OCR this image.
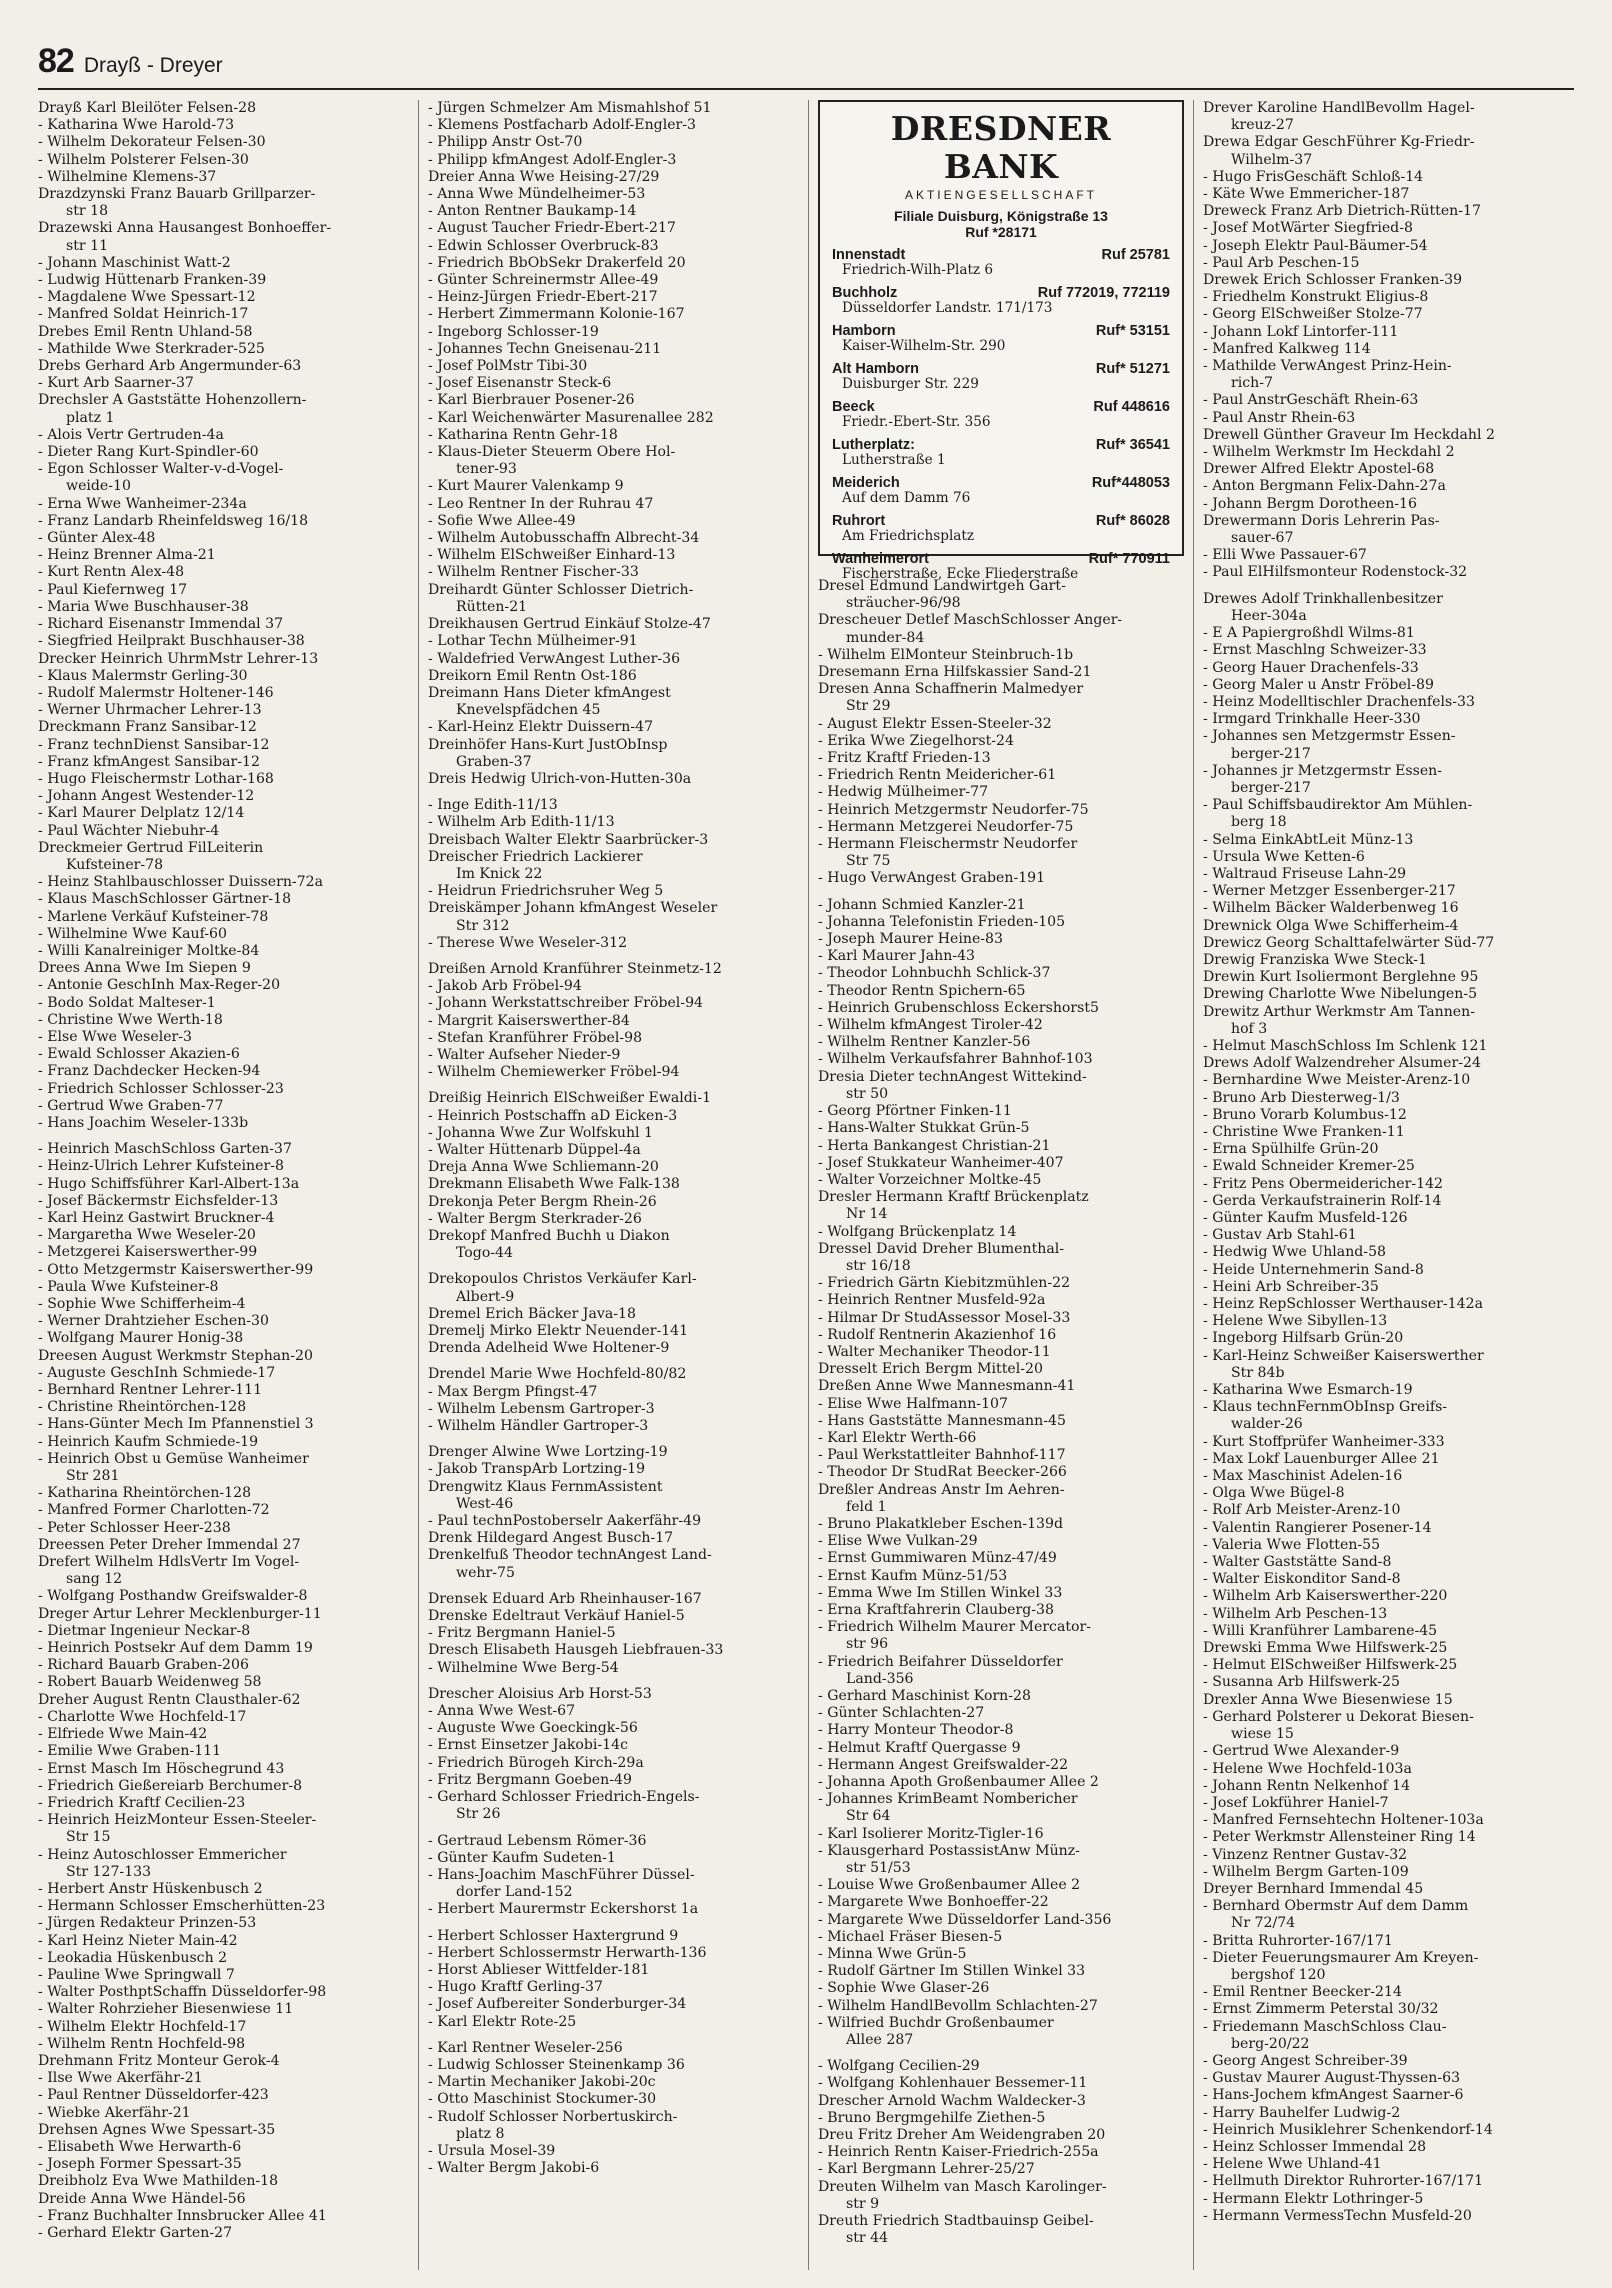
82 Drayß - Dreyer
Drayß Karl Bleilöter Felsen-28
- Katharina Wwe Harold-73
- Wilhelm Dekorateur Felsen-30
- Wilhelm Polsterer Felsen-30
- Wilhelmine Klemens-37
Drazdzynski Franz Bauarb Grillparzer-
str 18
Drazewski Anna Hausangest Bonhoeffer-
str 11
- Johann Maschinist Watt-2
- Ludwig Hüttenarb Franken-39
- Magdalene Wwe Spessart-12
- Manfred Soldat Heinrich-17
Drebes Emil Rentn Uhland-58
- Mathilde Wwe Sterkrader-525
Drebs Gerhard Arb Angermunder-63
- Kurt Arb Saarner-37
Drechsler A Gaststätte Hohenzollern-
platz 1
- Alois Vertr Gertruden-4a
- Dieter Rang Kurt-Spindler-60
- Egon Schlosser Walter-v-d-Vogel-
weide-10
- Erna Wwe Wanheimer-234a
- Franz Landarb Rheinfeldsweg 16/18
- Günter Alex-48
- Heinz Brenner Alma-21
- Kurt Rentn Alex-48
- Paul Kiefernweg 17
- Maria Wwe Buschhauser-38
- Richard Eisenanstr Immendal 37
- Siegfried Heilprakt Buschhauser-38
Drecker Heinrich UhrmMstr Lehrer-13
- Klaus Malermstr Gerling-30
- Rudolf Malermstr Holtener-146
- Werner Uhrmacher Lehrer-13
Dreckmann Franz Sansibar-12
- Franz technDienst Sansibar-12
- Franz kfmAngest Sansibar-12
- Hugo Fleischermstr Lothar-168
- Johann Angest Westender-12
- Karl Maurer Delplatz 12/14
- Paul Wächter Niebuhr-4
Dreckmeier Gertrud FilLeiterin
Kufsteiner-78
- Heinz Stahlbauschlosser Duissern-72a
- Klaus MaschSchlosser Gärtner-18
- Marlene Verkäuf Kufsteiner-78
- Wilhelmine Wwe Kauf-60
- Willi Kanalreiniger Moltke-84
Drees Anna Wwe Im Siepen 9
- Antonie GeschInh Max-Reger-20
- Bodo Soldat Malteser-1
- Christine Wwe Werth-18
- Else Wwe Weseler-3
- Ewald Schlosser Akazien-6
- Franz Dachdecker Hecken-94
- Friedrich Schlosser Schlosser-23
- Gertrud Wwe Graben-77
- Hans Joachim Weseler-133b
- Heinrich MaschSchloss Garten-37
- Heinz-Ulrich Lehrer Kufsteiner-8
- Hugo Schiffsführer Karl-Albert-13a
- Josef Bäckermstr Eichsfelder-13
- Karl Heinz Gastwirt Bruckner-4
- Margaretha Wwe Weseler-20
- Metzgerei Kaiserswerther-99
- Otto Metzgermstr Kaiserswerther-99
- Paula Wwe Kufsteiner-8
- Sophie Wwe Schifferheim-4
- Werner Drahtzieher Eschen-30
- Wolfgang Maurer Honig-38
Dreesen August Werkmstr Stephan-20
- Auguste GeschInh Schmiede-17
- Bernhard Rentner Lehrer-111
- Christine Rheintörchen-128
- Hans-Günter Mech Im Pfannenstiel 3
- Heinrich Kaufm Schmiede-19
- Heinrich Obst u Gemüse Wanheimer
Str 281
- Katharina Rheintörchen-128
- Manfred Former Charlotten-72
- Peter Schlosser Heer-238
Dreessen Peter Dreher Immendal 27
Drefert Wilhelm HdlsVertr Im Vogel-
sang 12
- Wolfgang Posthandw Greifswalder-8
Dreger Artur Lehrer Mecklenburger-11
- Dietmar Ingenieur Neckar-8
- Heinrich Postsekr Auf dem Damm 19
- Richard Bauarb Graben-206
- Robert Bauarb Weidenweg 58
Dreher August Rentn Clausthaler-62
- Charlotte Wwe Hochfeld-17
- Elfriede Wwe Main-42
- Emilie Wwe Graben-111
- Ernst Masch Im Höschegrund 43
- Friedrich Gießereiarb Berchumer-8
- Friedrich Kraftf Cecilien-23
- Heinrich HeizMonteur Essen-Steeler-
Str 15
- Heinz Autoschlosser Emmericher
Str 127-133
- Herbert Anstr Hüskenbusch 2
- Hermann Schlosser Emscherhütten-23
- Jürgen Redakteur Prinzen-53
- Karl Heinz Nieter Main-42
- Leokadia Hüskenbusch 2
- Pauline Wwe Springwall 7
- Walter PosthptSchaffn Düsseldorfer-98
- Walter Rohrzieher Biesenwiese 11
- Wilhelm Elektr Hochfeld-17
- Wilhelm Rentn Hochfeld-98
Drehmann Fritz Monteur Gerok-4
- Ilse Wwe Akerfähr-21
- Paul Rentner Düsseldorfer-423
- Wiebke Akerfähr-21
Drehsen Agnes Wwe Spessart-35
- Elisabeth Wwe Herwarth-6
- Joseph Former Spessart-35
Dreibholz Eva Wwe Mathilden-18
Dreide Anna Wwe Händel-56
- Franz Buchhalter Innsbrucker Allee 41
- Gerhard Elektr Garten-27
- Jürgen Schmelzer Am Mismahlshof 51
- Klemens Postfacharb Adolf-Engler-3
- Philipp Anstr Ost-70
- Philipp kfmAngest Adolf-Engler-3
Dreier Anna Wwe Heising-27/29
- Anna Wwe Mündelheimer-53
- Anton Rentner Baukamp-14
- August Taucher Friedr-Ebert-217
- Edwin Schlosser Overbruck-83
- Friedrich BbObSekr Drakerfeld 20
- Günter Schreinermstr Allee-49
- Heinz-Jürgen Friedr-Ebert-217
- Herbert Zimmermann Kolonie-167
- Ingeborg Schlosser-19
- Johannes Techn Gneisenau-211
- Josef PolMstr Tibi-30
- Josef Eisenanstr Steck-6
- Karl Bierbrauer Posener-26
- Karl Weichenwärter Masurenallee 282
- Katharina Rentn Gehr-18
- Klaus-Dieter Steuerm Obere Hol-
tener-93
- Kurt Maurer Valenkamp 9
- Leo Rentner In der Ruhrau 47
- Sofie Wwe Allee-49
- Wilhelm Autobusschaffn Albrecht-34
- Wilhelm ElSchweißer Einhard-13
- Wilhelm Rentner Fischer-33
Dreihardt Günter Schlosser Dietrich-
Rütten-21
Dreikhausen Gertrud Einkäuf Stolze-47
- Lothar Techn Mülheimer-91
- Waldefried VerwAngest Luther-36
Dreikorn Emil Rentn Ost-186
Dreimann Hans Dieter kfmAngest
Knevelspfädchen 45
- Karl-Heinz Elektr Duissern-47
Dreinhöfer Hans-Kurt JustObInsp
Graben-37
Dreis Hedwig Ulrich-von-Hutten-30a
- Inge Edith-11/13
- Wilhelm Arb Edith-11/13
Dreisbach Walter Elektr Saarbrücker-3
Dreischer Friedrich Lackierer
Im Knick 22
- Heidrun Friedrichsruher Weg 5
Dreiskämper Johann kfmAngest Weseler
Str 312
- Therese Wwe Weseler-312
Dreißen Arnold Kranführer Steinmetz-12
- Jakob Arb Fröbel-94
- Johann Werkstattschreiber Fröbel-94
- Margrit Kaiserswerther-84
- Stefan Kranführer Fröbel-98
- Walter Aufseher Nieder-9
- Wilhelm Chemiewerker Fröbel-94
Dreißig Heinrich ElSchweißer Ewaldi-1
- Heinrich Postschaffn aD Eicken-3
- Johanna Wwe Zur Wolfskuhl 1
- Walter Hüttenarb Düppel-4a
Dreja Anna Wwe Schliemann-20
Drekmann Elisabeth Wwe Falk-138
Drekonja Peter Bergm Rhein-26
- Walter Bergm Sterkrader-26
Drekopf Manfred Buchh u Diakon
Togo-44
Drekopoulos Christos Verkäufer Karl-
Albert-9
Dremel Erich Bäcker Java-18
Dremelj Mirko Elektr Neuender-141
Drenda Adelheid Wwe Holtener-9
Drendel Marie Wwe Hochfeld-80/82
- Max Bergm Pfingst-47
- Wilhelm Lebensm Gartroper-3
- Wilhelm Händler Gartroper-3
Drenger Alwine Wwe Lortzing-19
- Jakob TranspArb Lortzing-19
Drengwitz Klaus FernmAssistent
West-46
- Paul technPostoberselr Aakerfähr-49
Drenk Hildegard Angest Busch-17
Drenkelfuß Theodor technAngest Land-
wehr-75
Drensek Eduard Arb Rheinhauser-167
Drenske Edeltraut Verkäuf Haniel-5
- Fritz Bergmann Haniel-5
Dresch Elisabeth Hausgeh Liebfrauen-33
- Wilhelmine Wwe Berg-54
Drescher Aloisius Arb Horst-53
- Anna Wwe West-67
- Auguste Wwe Goeckingk-56
- Ernst Einsetzer Jakobi-14c
- Friedrich Bürogeh Kirch-29a
- Fritz Bergmann Goeben-49
- Gerhard Schlosser Friedrich-Engels-
Str 26
- Gertraud Lebensm Römer-36
- Günter Kaufm Sudeten-1
- Hans-Joachim MaschFührer Düssel-
dorfer Land-152
- Herbert Maurermstr Eckershorst 1a
- Herbert Schlosser Haxtergrund 9
- Herbert Schlossermstr Herwarth-136
- Horst Ablieser Wittfelder-181
- Hugo Kraftf Gerling-37
- Josef Aufbereiter Sonderburger-34
- Karl Elektr Rote-25
- Karl Rentner Weseler-256
- Ludwig Schlosser Steinenkamp 36
- Martin Mechaniker Jakobi-20c
- Otto Maschinist Stockumer-30
- Rudolf Schlosser Norbertuskirch-
platz 8
- Ursula Mosel-39
- Walter Bergm Jakobi-6
DRESDNER BANK
AKTIENGESELLSCHAFT
Filiale Duisburg, Königstraße 13
Ruf *28171
Innenstadt	Ruf 25781
Friedrich-Wilh-Platz 6
Buchholz	Ruf 772019, 772119
Düsseldorfer Landstr. 171/173
Hamborn	Ruf* 53151
Kaiser-Wilhelm-Str. 290
Alt Hamborn	Ruf* 51271
Duisburger Str. 229
Beeck	Ruf 448616
Friedr.-Ebert-Str. 356
Lutherplatz:	Ruf* 36541
Lutherstraße 1
Meiderich	Ruf*448053
Auf dem Damm 76
Ruhrort	Ruf* 86028
Am Friedrichsplatz
Wanheimerort	Ruf* 770911
Fischerstraße, Ecke Fliederstraße
Dresel Edmund Landwirtgeh Gart-
sträucher-96/98
Drescheuer Detlef MaschSchlosser Anger-
munder-84
- Wilhelm ElMonteur Steinbruch-1b
Dresemann Erna Hilfskassier Sand-21
Dresen Anna Schaffnerin Malmedyer
Str 29
- August Elektr Essen-Steeler-32
- Erika Wwe Ziegelhorst-24
- Fritz Kraftf Frieden-13
- Friedrich Rentn Meidericher-61
- Hedwig Mülheimer-77
- Heinrich Metzgermstr Neudorfer-75
- Hermann Metzgerei Neudorfer-75
- Hermann Fleischermstr Neudorfer
Str 75
- Hugo VerwAngest Graben-191
- Johann Schmied Kanzler-21
- Johanna Telefonistin Frieden-105
- Joseph Maurer Heine-83
- Karl Maurer Jahn-43
- Theodor Lohnbuchh Schlick-37
- Theodor Rentn Spichern-65
- Heinrich Grubenschloss Eckershorst5
- Wilhelm kfmAngest Tiroler-42
- Wilhelm Rentner Kanzler-56
- Wilhelm Verkaufsfahrer Bahnhof-103
Dresia Dieter technAngest Wittekind-
str 50
- Georg Pförtner Finken-11
- Hans-Walter Stukkat Grün-5
- Herta Bankangest Christian-21
- Josef Stukkateur Wanheimer-407
- Walter Vorzeichner Moltke-45
Dresler Hermann Kraftf Brückenplatz
Nr 14
- Wolfgang Brückenplatz 14
Dressel David Dreher Blumenthal-
str 16/18
- Friedrich Gärtn Kiebitzmühlen-22
- Heinrich Rentner Musfeld-92a
- Hilmar Dr StudAssessor Mosel-33
- Rudolf Rentnerin Akazienhof 16
- Walter Mechaniker Theodor-11
Dresselt Erich Bergm Mittel-20
Dreßen Anne Wwe Mannesmann-41
- Elise Wwe Halfmann-107
- Hans Gaststätte Mannesmann-45
- Karl Elektr Werth-66
- Paul Werkstattleiter Bahnhof-117
- Theodor Dr StudRat Beecker-266
Dreßler Andreas Anstr Im Aehren-
feld 1
- Bruno Plakatkleber Eschen-139d
- Elise Wwe Vulkan-29
- Ernst Gummiwaren Münz-47/49
- Ernst Kaufm Münz-51/53
- Emma Wwe Im Stillen Winkel 33
- Erna Kraftfahrerin Clauberg-38
- Friedrich Wilhelm Maurer Mercator-
str 96
- Friedrich Beifahrer Düsseldorfer
Land-356
- Gerhard Maschinist Korn-28
- Günter Schlachten-27
- Harry Monteur Theodor-8
- Helmut Kraftf Quergasse 9
- Hermann Angest Greifswalder-22
- Johanna Apoth Großenbaumer Allee 2
- Johannes KrimBeamt Nombericher
Str 64
- Karl Isolierer Moritz-Tigler-16
- Klausgerhard PostassistAnw Münz-
str 51/53
- Louise Wwe Großenbaumer Allee 2
- Margarete Wwe Bonhoeffer-22
- Margarete Wwe Düsseldorfer Land-356
- Michael Fräser Biesen-5
- Minna Wwe Grün-5
- Rudolf Gärtner Im Stillen Winkel 33
- Sophie Wwe Glaser-26
- Wilhelm HandlBevollm Schlachten-27
- Wilfried Buchdr Großenbaumer
Allee 287
- Wolfgang Cecilien-29
- Wolfgang Kohlenhauer Bessemer-11
Drescher Arnold Wachm Waldecker-3
- Bruno Bergmgehilfe Ziethen-5
Dreu Fritz Dreher Am Weidengraben 20
- Heinrich Rentn Kaiser-Friedrich-255a
- Karl Bergmann Lehrer-25/27
Dreuten Wilhelm van Masch Karolinger-
str 9
Dreuth Friedrich Stadtbauinsp Geibel-
str 44
Drever Karoline HandlBevollm Hagel-
kreuz-27
Drewa Edgar GeschFührer Kg-Friedr-
Wilhelm-37
- Hugo FrisGeschäft Schloß-14
- Käte Wwe Emmericher-187
Dreweck Franz Arb Dietrich-Rütten-17
- Josef MotWärter Siegfried-8
- Joseph Elektr Paul-Bäumer-54
- Paul Arb Peschen-15
Drewek Erich Schlosser Franken-39
- Friedhelm Konstrukt Eligius-8
- Georg ElSchweißer Stolze-77
- Johann Lokf Lintorfer-111
- Manfred Kalkweg 114
- Mathilde VerwAngest Prinz-Hein-
rich-7
- Paul AnstrGeschäft Rhein-63
- Paul Anstr Rhein-63
Drewell Günther Graveur Im Heckdahl 2
- Wilhelm Werkmstr Im Heckdahl 2
Drewer Alfred Elektr Apostel-68
- Anton Bergmann Felix-Dahn-27a
- Johann Bergm Dorotheen-16
Drewermann Doris Lehrerin Pas-
sauer-67
- Elli Wwe Passauer-67
- Paul ElHilfsmonteur Rodenstock-32
Drewes Adolf Trinkhallenbesitzer
Heer-304a
- E A Papiergroßhdl Wilms-81
- Ernst Maschlng Schweizer-33
- Georg Hauer Drachenfels-33
- Georg Maler u Anstr Fröbel-89
- Heinz Modelltischler Drachenfels-33
- Irmgard Trinkhalle Heer-330
- Johannes sen Metzgermstr Essen-
berger-217
- Johannes jr Metzgermstr Essen-
berger-217
- Paul Schiffsbaudirektor Am Mühlen-
berg 18
- Selma EinkAbtLeit Münz-13
- Ursula Wwe Ketten-6
- Waltraud Friseuse Lahn-29
- Werner Metzger Essenberger-217
- Wilhelm Bäcker Walderbenweg 16
Drewnick Olga Wwe Schifferheim-4
Drewicz Georg Schalttafelwärter Süd-77
Drewig Franziska Wwe Steck-1
Drewin Kurt Isoliermont Berglehne 95
Drewing Charlotte Wwe Nibelungen-5
Drewitz Arthur Werkmstr Am Tannen-
hof 3
- Helmut MaschSchloss Im Schlenk 121
Drews Adolf Walzendreher Alsumer-24
- Bernhardine Wwe Meister-Arenz-10
- Bruno Arb Diesterweg-1/3
- Bruno Vorarb Kolumbus-12
- Christine Wwe Franken-11
- Erna Spülhilfe Grün-20
- Ewald Schneider Kremer-25
- Fritz Pens Obermeidericher-142
- Gerda Verkaufstrainerin Rolf-14
- Günter Kaufm Musfeld-126
- Gustav Arb Stahl-61
- Hedwig Wwe Uhland-58
- Heide Unternehmerin Sand-8
- Heini Arb Schreiber-35
- Heinz RepSchlosser Werthauser-142a
- Helene Wwe Sibyllen-13
- Ingeborg Hilfsarb Grün-20
- Karl-Heinz Schweißer Kaiserswerther
Str 84b
- Katharina Wwe Esmarch-19
- Klaus technFernmObInsp Greifs-
walder-26
- Kurt Stoffprüfer Wanheimer-333
- Max Lokf Lauenburger Allee 21
- Max Maschinist Adelen-16
- Olga Wwe Bügel-8
- Rolf Arb Meister-Arenz-10
- Valentin Rangierer Posener-14
- Valeria Wwe Flotten-55
- Walter Gaststätte Sand-8
- Walter Eiskonditor Sand-8
- Wilhelm Arb Kaiserswerther-220
- Wilhelm Arb Peschen-13
- Willi Kranführer Lambarene-45
Drewski Emma Wwe Hilfswerk-25
- Helmut ElSchweißer Hilfswerk-25
- Susanna Arb Hilfswerk-25
Drexler Anna Wwe Biesenwiese 15
- Gerhard Polsterer u Dekorat Biesen-
wiese 15
- Gertrud Wwe Alexander-9
- Helene Wwe Hochfeld-103a
- Johann Rentn Nelkenhof 14
- Josef Lokführer Haniel-7
- Manfred Fernsehtechn Holtener-103a
- Peter Werkmstr Allensteiner Ring 14
- Vinzenz Rentner Gustav-32
- Wilhelm Bergm Garten-109
Dreyer Bernhard Immendal 45
- Bernhard Obermstr Auf dem Damm
Nr 72/74
- Britta Ruhrorter-167/171
- Dieter Feuerungsmaurer Am Kreyen-
bergshof 120
- Emil Rentner Beecker-214
- Ernst Zimmerm Peterstal 30/32
- Friedemann MaschSchloss Clau-
berg-20/22
- Georg Angest Schreiber-39
- Gustav Maurer August-Thyssen-63
- Hans-Jochem kfmAngest Saarner-6
- Harry Bauhelfer Ludwig-2
- Heinrich Musiklehrer Schenkendorf-14
- Heinz Schlosser Immendal 28
- Helene Wwe Uhland-41
- Hellmuth Direktor Ruhrorter-167/171
- Hermann Elektr Lothringer-5
- Hermann VermessTechn Musfeld-20
